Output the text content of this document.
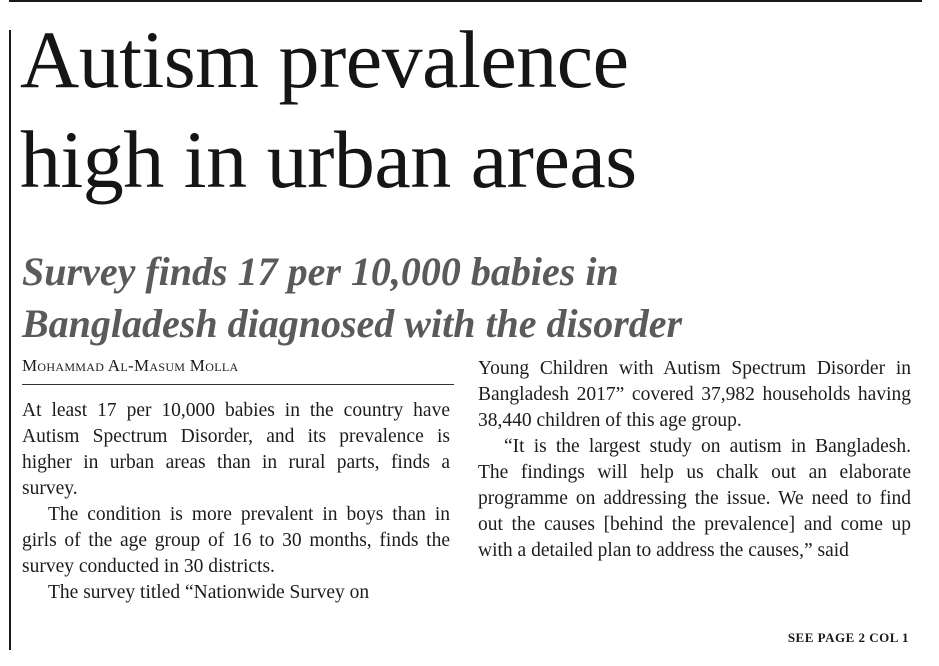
Autism prevalence
high in urban areas
Survey finds 17 per 10,000 babies in
Bangladesh diagnosed with the disorder
Mohammad Al-Masum Molla

At least 17 per 10,000 babies in the country have Autism Spectrum Disorder, and its prevalence is higher in urban areas than in rural parts, finds a survey.

The condition is more prevalent in boys than in girls of the age group of 16 to 30 months, finds the survey conducted in 30 districts.

The survey titled “Nationwide Survey on

Young Children with Autism Spectrum Disorder in Bangladesh 2017” covered 37,982 households having 38,440 children of this age group.

“It is the largest study on autism in Bangladesh. The findings will help us chalk out an elaborate programme on addressing the issue. We need to find out the causes [behind the prevalence] and come up with a detailed plan to address the causes,” said

SEE PAGE 2 COL 1
